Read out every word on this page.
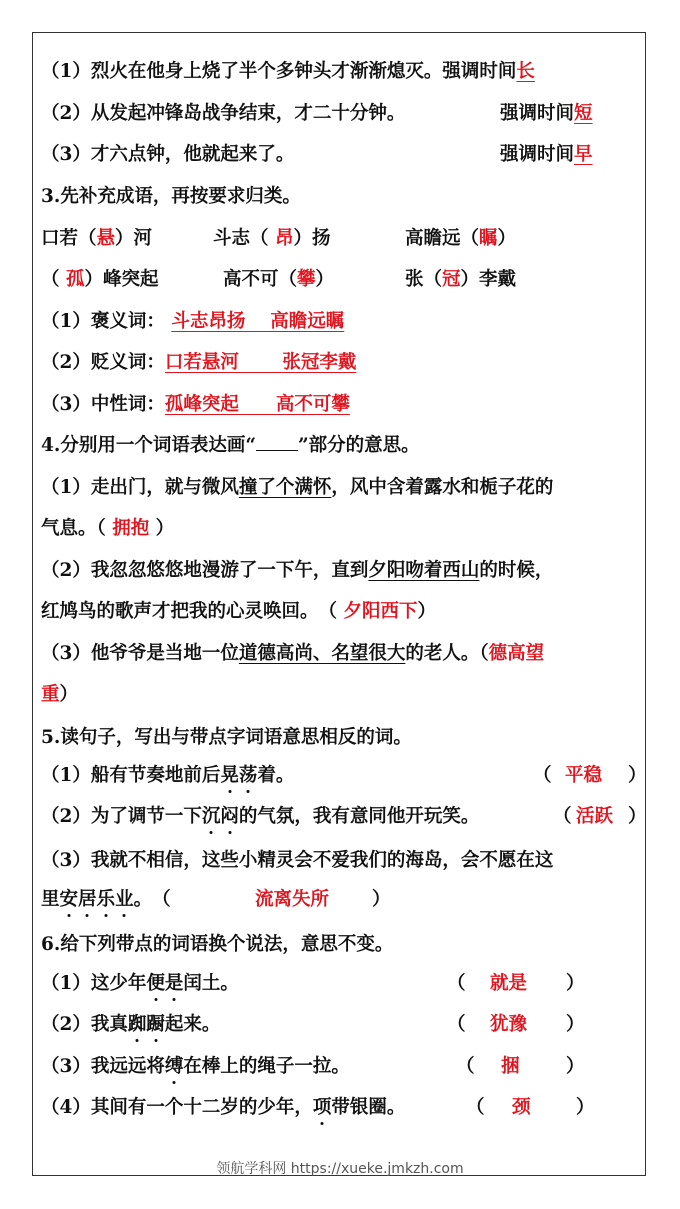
（1）烈火在他身上烧了半个多钟头才渐渐熄灭。强调时间长
（2）从发起冲锋岛战争结束，才二十分钟。	强调时间短
（3）才六点钟，他就起来了。	强调时间早
3.先补充成语，再按要求归类。
口若（悬）河	斗志（ 昂）扬	高瞻远（瞩）
（ 孤）峰突起	高不可（攀）	张（冠）李戴
（1）褒义词： 斗志昂扬　 高瞻远瞩
（2）贬义词：口若悬河　　 张冠李戴
（3）中性词：孤峰突起　　高不可攀
4.分别用一个词语表达画“ ”部分的意思。
（1）走出门，就与微风撞了个满怀，风中含着露水和栀子花的
气息。（ 拥抱 ）
（2）我忽忽悠悠地漫游了一下午，直到夕阳吻着西山的时候，
红鸠鸟的歌声才把我的心灵唤回。　（ 夕阳西下）
（3）他爷爷是当地一位道德高尚、名望很大的老人。（德高望
重）
5.读句子，写出与带点字词语意思相反的词。
（1）船有节奏地前后晃荡着。	（ 平稳 ）
（2）为了调节一下沉闷的气氛，我有意同他开玩笑。	（ 活跃 ）
（3）我就不相信，这些小精灵会不爱我们的海岛，会不愿在这
里安居乐业。　（	流离失所 ）
6.给下列带点的词语换个说法，意思不变。
（1）这少年便是闰土。	（ 就是 ）
（2）我真踟蹰起来。	（ 犹豫 ）
（3）我远远将缚在棒上的绳子一拉。	（ 捆	）
（4）其间有一个十二岁的少年，项带银圈。	（ 颈 ）
领航学科网 https://xueke.jmkzh.com
